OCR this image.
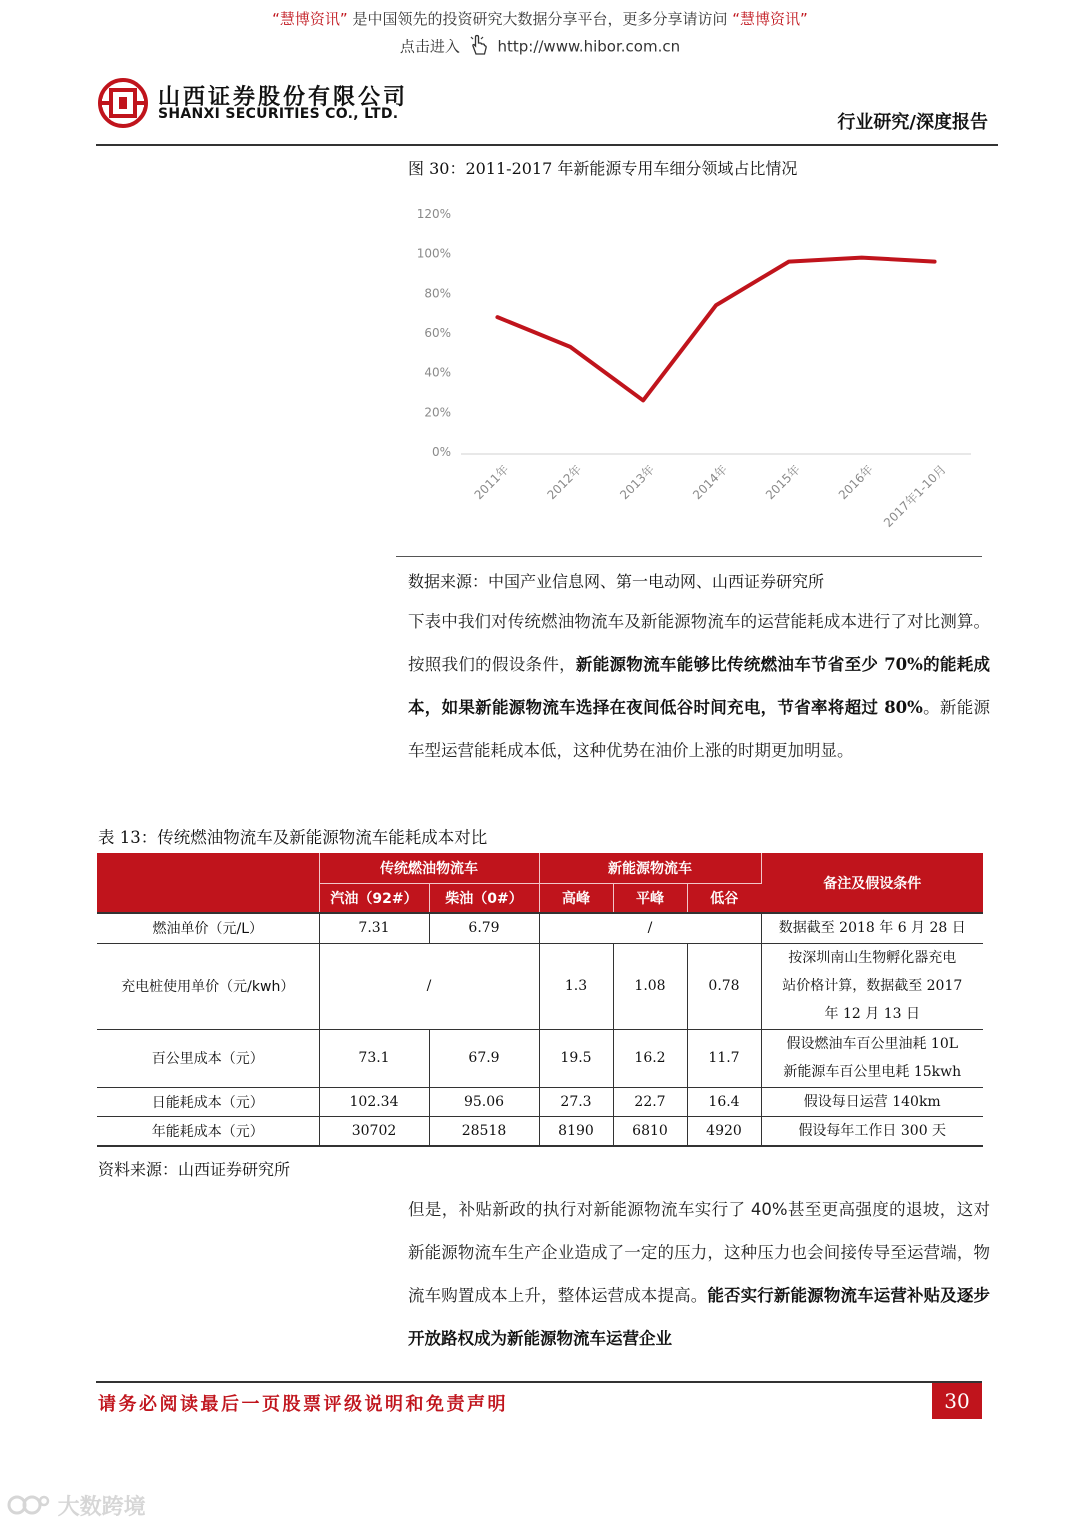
“慧博资讯” 是中国领先的投资研究大数据分享平台，更多分享请访问 “慧博资讯”
点击进入	http://www.hibor.com.cn
山西证券股份有限公司
SHANXI SECURITIES CO., LTD.	行业研究/深度报告
图 30：2011-2017 年新能源专用车细分领域占比情况
0%
20%
40%
60%
80%
100%
120%
2011年	2012年	2013年	2014年	2015年	2016年 2017年1-10月
数据来源：中国产业信息网、第一电动网、山西证券研究所
下表中我们对传统燃油物流车及新能源物流车的运营能耗成本进行了对比测算。按照我们的假设条件，新能源物流车能够比传统燃油车节省至少 70%的能耗成本，如果新能源物流车选择在夜间低谷时间充电，节省率将超过 80%。新能源车型运营能耗成本低，这种优势在油价上涨的时期更加明显。
表 13：传统燃油物流车及新能源物流车能耗成本对比
	传统燃油物流车		新能源物流车			备注及假设条件
	汽油（92#）	柴油（0#）	高峰	平峰	低谷	
燃油单价（元/L）	7.31	6.79	/			数据截至 2018 年 6 月 28 日
充电桩使用单价（元/kwh）	/		1.3	1.08	0.78	按深圳南山生物孵化器充电
站价格计算，数据截至 2017
年 12 月 13 日

百公里成本（元）	73.1	67.9	19.5	16.2	11.7	假设燃油车百公里油耗 10L
新能源车百公里电耗 15kwh

日能耗成本（元）	102.34	95.06	27.3	22.7	16.4	假设每日运营 140km
年能耗成本（元）	30702	28518	8190	6810	4920	假设每年工作日 300 天
资料来源：山西证券研究所
但是，补贴新政的执行对新能源物流车实行了 40%甚至更高强度的退坡，这对新能源物流车生产企业造成了一定的压力，这种压力也会间接传导至运营端，物流车购置成本上升，整体运营成本提高。能否实行新能源物流车运营补贴及逐步开放路权成为新能源物流车运营企业
请务必阅读最后一页股票评级说明和免责声明	30
大数跨境
